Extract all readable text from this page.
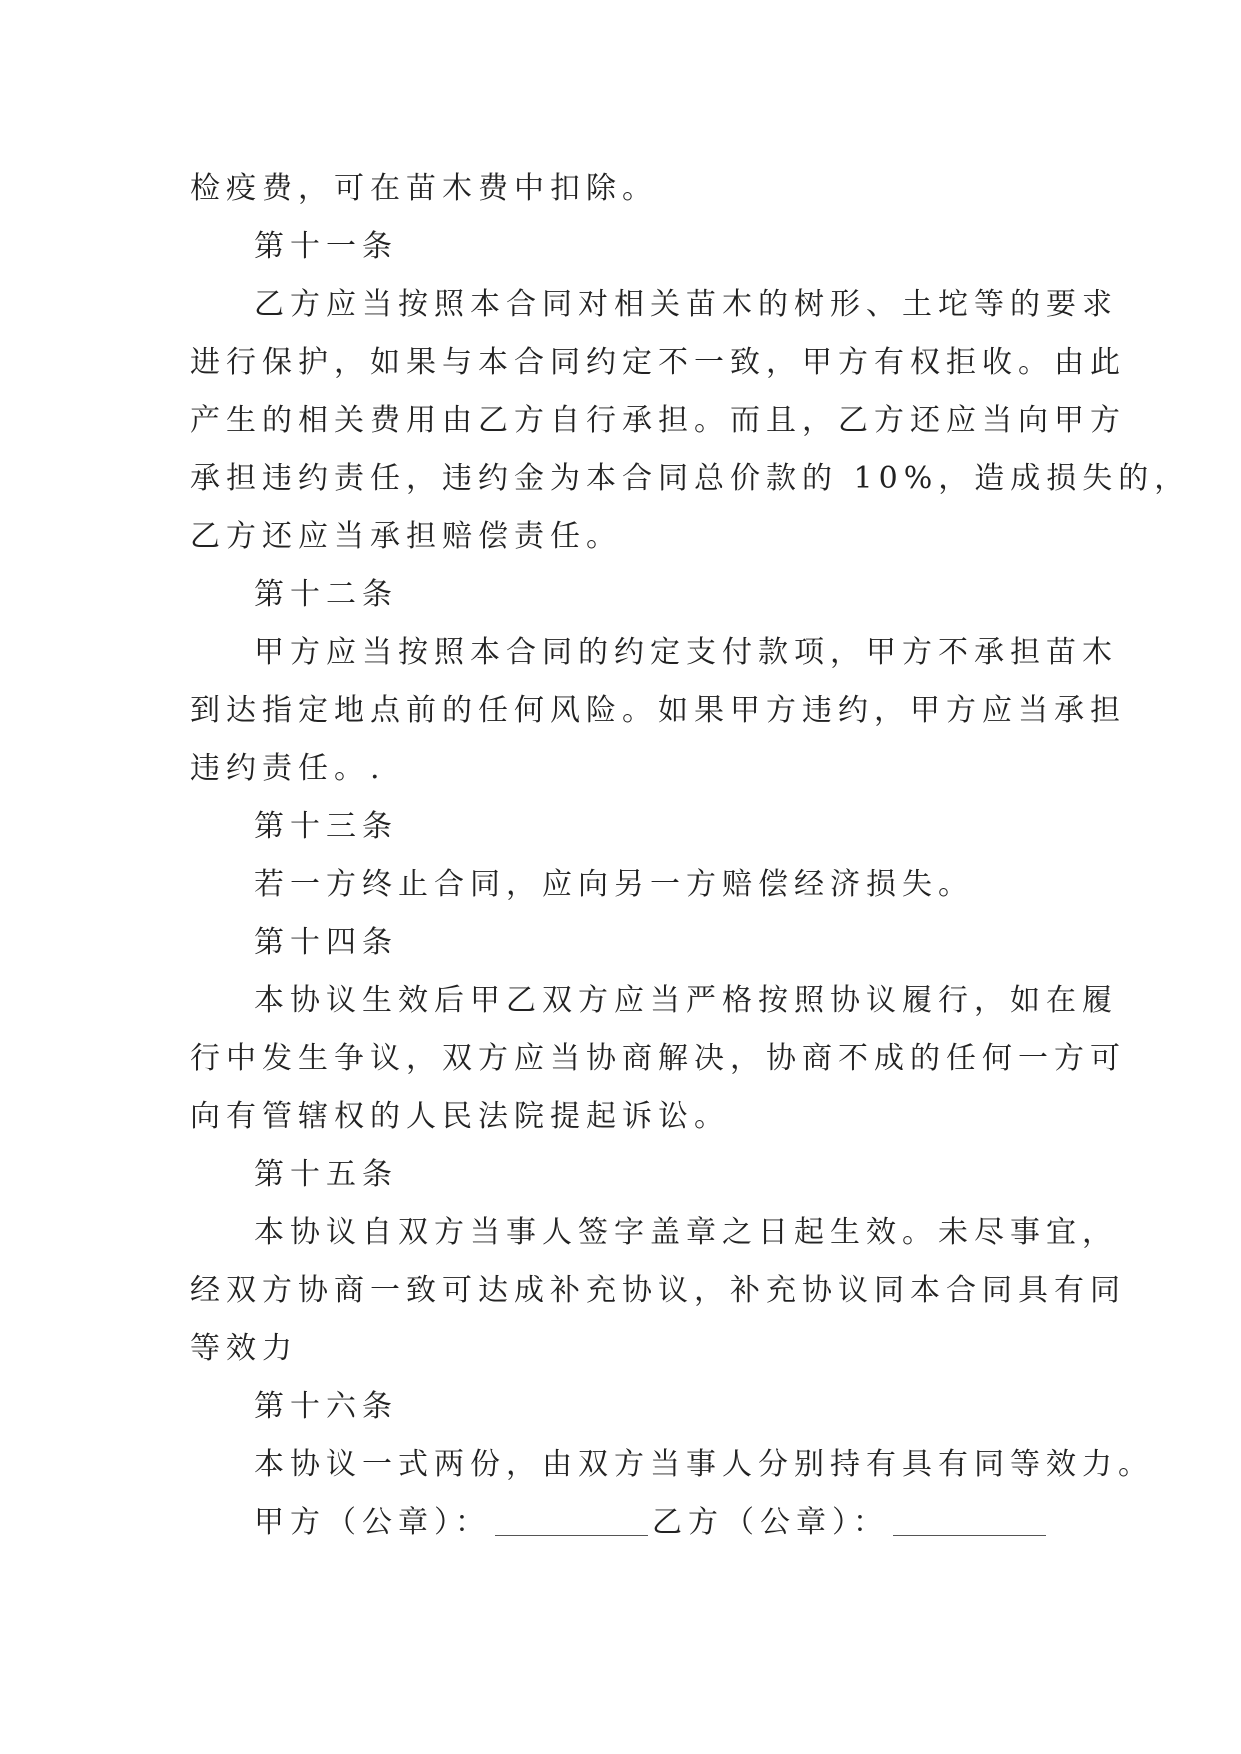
检疫费，可在苗木费中扣除。
第十一条
乙方应当按照本合同对相关苗木的树形、土坨等的要求
进行保护，如果与本合同约定不一致，甲方有权拒收。由此
产生的相关费用由乙方自行承担。而且，乙方还应当向甲方
承担违约责任，违约金为本合同总价款的 10%，造成损失的，
乙方还应当承担赔偿责任。
第十二条
甲方应当按照本合同的约定支付款项，甲方不承担苗木
到达指定地点前的任何风险。如果甲方违约，甲方应当承担
违约责任。.
第十三条
若一方终止合同，应向另一方赔偿经济损失。
第十四条
本协议生效后甲乙双方应当严格按照协议履行，如在履
行中发生争议，双方应当协商解决，协商不成的任何一方可
向有管辖权的人民法院提起诉讼。
第十五条
本协议自双方当事人签字盖章之日起生效。未尽事宜，
经双方协商一致可达成补充协议，补充协议同本合同具有同
等效力
第十六条
本协议一式两份，由双方当事人分别持有具有同等效力。
甲方（公章）：	乙方（公章）：
